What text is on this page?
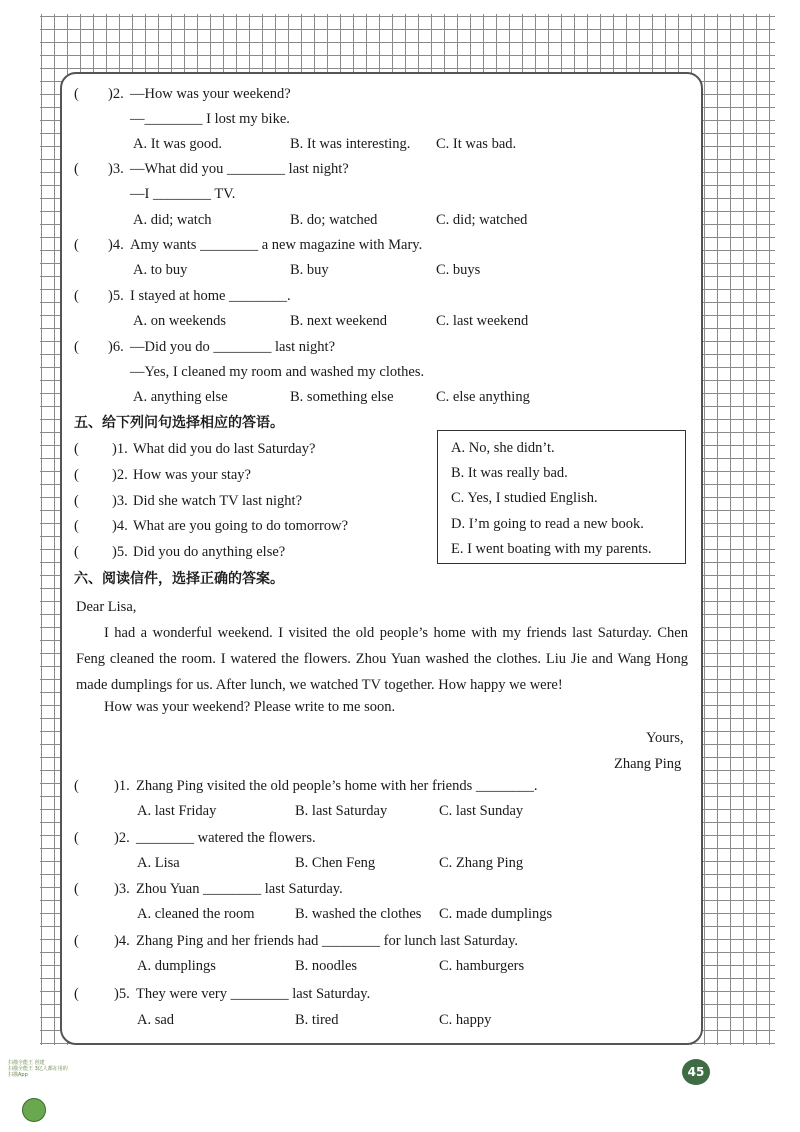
( )2. —How was your weekend?
—________ I lost my bike.
A. It was good.	B. It was interesting. C. It was bad.
( )3. —What did you ________ last night?
—I ________ TV.
A. did; watch	B. do; watched	C. did; watched
( )4. Amy wants ________ a new magazine with Mary.
A. to buy	B. buy	C. buys
( )5. I stayed at home ________.
A. on weekends	B. next weekend	C. last weekend
( )6. —Did you do ________ last night?
—Yes, I cleaned my room and washed my clothes.
A. anything else	B. something else	C. else anything
五、给下列问句选择相应的答语。
( )1. What did you do last Saturday?
( )2. How was your stay?
( )3. Did she watch TV last night?
( )4. What are you going to do tomorrow?
( )5. Did you do anything else?
A. No, she didn’t.
B. It was really bad.
C. Yes, I studied English.
D. I’m going to read a new book.
E. I went boating with my parents.
六、阅读信件，选择正确的答案。
Dear Lisa,
I had a wonderful weekend. I visited the old people’s home with my friends last Saturday. Chen Feng cleaned the room. I watered the flowers. Zhou Yuan washed the clothes. Liu Jie and Wang Hong made dumplings for us. After lunch, we watched TV together. How happy we were!
How was your weekend? Please write to me soon.
Yours,
Zhang Ping
( )1. Zhang Ping visited the old people’s home with her friends ________.
A. last Friday	B. last Saturday	C. last Sunday
( )2. ________ watered the flowers.
A. Lisa	B. Chen Feng	C. Zhang Ping
( )3. Zhou Yuan ________ last Saturday.
A. cleaned the room	B. washed the clothes C. made dumplings
( )4. Zhang Ping and her friends had ________ for lunch last Saturday.
A. dumplings	B. noodles	C. hamburgers
( )5. They were very ________ last Saturday.
A. sad	B. tired	C. happy
45
扫描全能王 创建
扫描全能王 3亿人都在用的
扫描App
